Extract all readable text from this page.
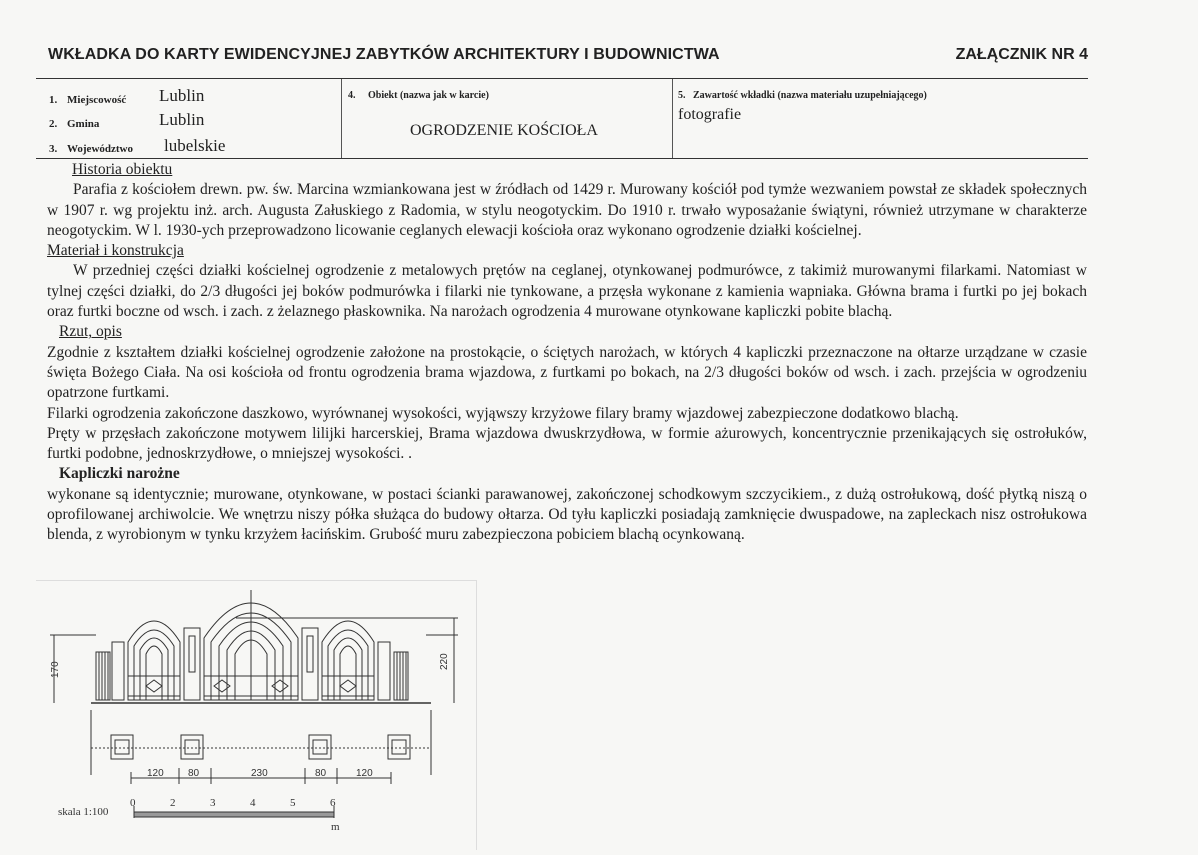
WKŁADKA DO KARTY EWIDENCYJNEJ ZABYTKÓW ARCHITEKTURY I BUDOWNICTWA	ZAŁĄCZNIK NR 4
1. Miejscowość Lublin
2. Gmina	Lublin
3. Województwo lubelskie
4. Obiekt (nazwa jak w karcie)
OGRODZENIE KOŚCIOŁA
5. Zawartość wkładki (nazwa materiału uzupełniającego)
fotografie
Historia obiektu

Parafia z kościołem drewn. pw. św. Marcina wzmiankowana jest w źródłach od 1429 r. Murowany kościół pod tymże wezwaniem powstał ze składek społecznych w 1907 r. wg projektu inż. arch. Augusta Załuskiego z Radomia, w stylu neogotyckim. Do 1910 r. trwało wyposażanie świątyni, również utrzymane w charakterze neogotyckim. W l. 1930-ych przeprowadzono licowanie ceglanych elewacji kościoła oraz wykonano ogrodzenie działki kościelnej.

Materiał i konstrukcja

W przedniej części działki kościelnej ogrodzenie z metalowych prętów na ceglanej, otynkowanej podmurówce, z takimiż murowanymi filarkami. Natomiast w tylnej części działki, do 2/3 długości jej boków podmurówka i filarki nie tynkowane, a przęsła wykonane z kamienia wapniaka. Główna brama i furtki po jej bokach oraz furtki boczne od wsch. i zach. z żelaznego płaskownika. Na narożach ogrodzenia 4 murowane otynkowane kapliczki pobite blachą.

Rzut, opis

Zgodnie z kształtem działki kościelnej ogrodzenie założone na prostokącie, o ściętych narożach, w których 4 kapliczki przeznaczone na ołtarze urządzane w czasie święta Bożego Ciała. Na osi kościoła od frontu ogrodzenia brama wjazdowa, z furtkami po bokach, na 2/3 długości boków od wsch. i zach. przejścia w ogrodzeniu opatrzone furtkami.

Filarki ogrodzenia zakończone daszkowo, wyrównanej wysokości, wyjąwszy krzyżowe filary bramy wjazdowej zabezpieczone dodatkowo blachą.

Pręty w przęsłach zakończone motywem lilijki harcerskiej, Brama wjazdowa dwuskrzydłowa, w formie ażurowych, koncentrycznie przenikających się ostrołuków, furtki podobne, jednoskrzydłowe, o mniejszej wysokości. .

Kapliczki narożne

wykonane są identycznie; murowane, otynkowane, w postaci ścianki parawanowej, zakończonej schodkowym szczycikiem., z dużą ostrołukową, dość płytką niszą o oprofilowanej archiwolcie. We wnętrzu niszy półka służąca do budowy ołtarza. Od tyłu kapliczki posiadają zamknięcie dwuspadowe, na zapleckach nisz ostrołukowa blenda, z wyrobionym w tynku krzyżem łacińskim. Grubość muru zabezpieczona pobiciem blachą ocynkowaną.

170	220
120 80	230	80	120
skala 1:100
0	2	3	4	5	6
m
